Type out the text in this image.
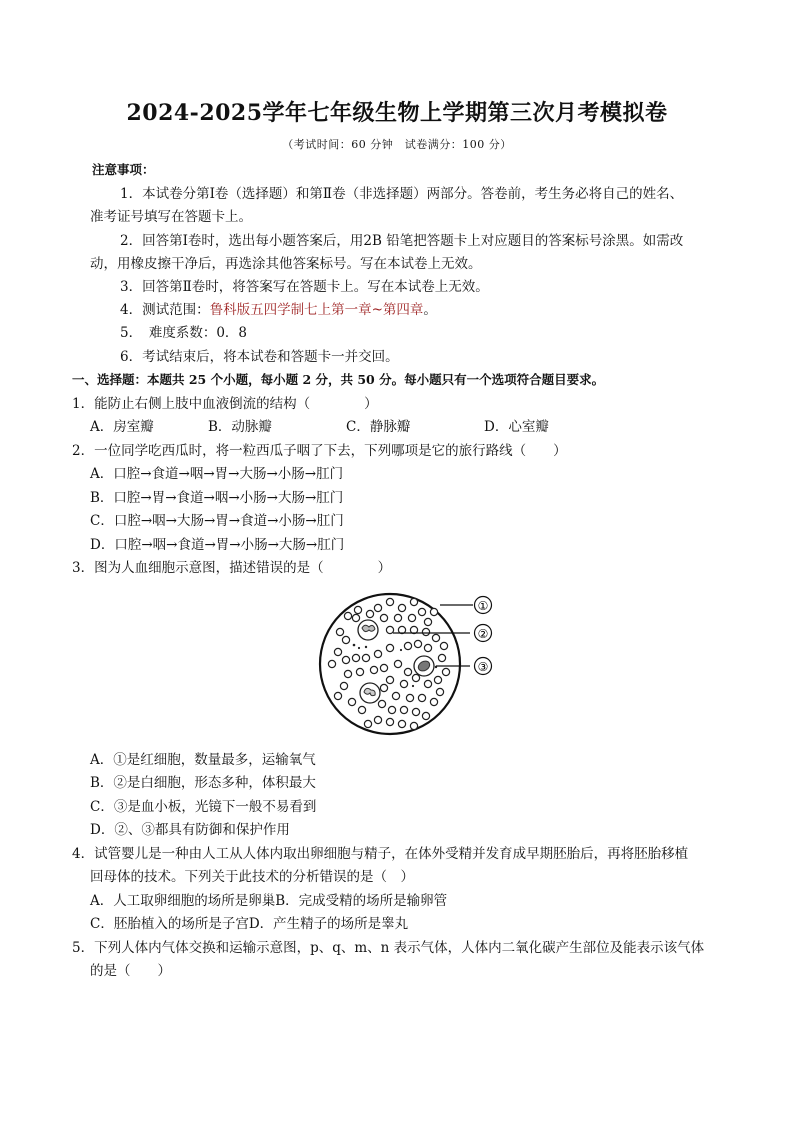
2024-2025学年七年级生物上学期第三次月考模拟卷
（考试时间：60 分钟　试卷满分：100 分）
注意事项：
1．本试卷分第Ⅰ卷（选择题）和第Ⅱ卷（非选择题）两部分。答卷前，考生务必将自己的姓名、
准考证号填写在答题卡上。
2．回答第Ⅰ卷时，选出每小题答案后，用2B 铅笔把答题卡上对应题目的答案标号涂黑。如需改
动，用橡皮擦干净后，再选涂其他答案标号。写在本试卷上无效。
3．回答第Ⅱ卷时，将答案写在答题卡上。写在本试卷上无效。
4．测试范围：鲁科版五四学制七上第一章~第四章。
5．　难度系数：0．8
6．考试结束后，将本试卷和答题卡一并交回。
一、选择题：本题共 25 个小题，每小题 2 分，共 50 分。每小题只有一个选项符合题目要求。
1．能防止右侧上肢中血液倒流的结构（　　　　）
A．房室瓣	B．动脉瓣	C．静脉瓣	D．心室瓣
2．一位同学吃西瓜时，将一粒西瓜子咽了下去，下列哪项是它的旅行路线（　　）
A．口腔→食道→咽→胃→大肠→小肠→肛门
B．口腔→胃→食道→咽→小肠→大肠→肛门
C．口腔→咽→大肠→胃→食道→小肠→肛门
D．口腔→咽→食道→胃→小肠→大肠→肛门
3．图为人血细胞示意图，描述错误的是（　　　　）
①
②
③
A．①是红细胞，数量最多，运输氧气
B．②是白细胞，形态多种，体积最大
C．③是血小板，光镜下一般不易看到
D．②、③都具有防御和保护作用
4．试管婴儿是一种由人工从人体内取出卵细胞与精子，在体外受精并发育成早期胚胎后，再将胚胎移植
回母体的技术。下列关于此技术的分析错误的是（　）
A．人工取卵细胞的场所是卵巢B．完成受精的场所是输卵管
C．胚胎植入的场所是子宫D．产生精子的场所是睾丸
5．下列人体内气体交换和运输示意图，p、q、m、n 表示气体，人体内二氧化碳产生部位及能表示该气体
的是（　　）
